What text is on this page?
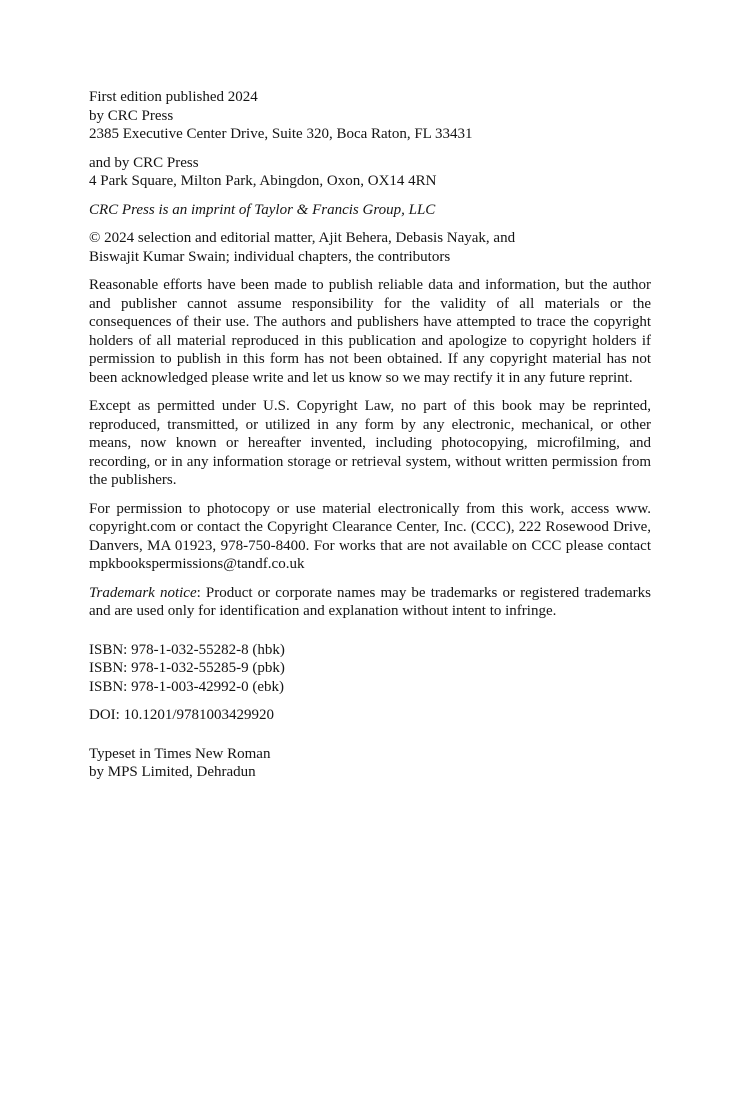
First edition published 2024
by CRC Press
2385 Executive Center Drive, Suite 320, Boca Raton, FL 33431

and by CRC Press
4 Park Square, Milton Park, Abingdon, Oxon, OX14 4RN

CRC Press is an imprint of Taylor & Francis Group, LLC

© 2024 selection and editorial matter, Ajit Behera, Debasis Nayak, and
Biswajit Kumar Swain; individual chapters, the contributors

Reasonable efforts have been made to publish reliable data and information, but the author and publisher cannot assume responsibility for the validity of all materials or the consequences of their use. The authors and publishers have attempted to trace the copyright holders of all material reproduced in this publication and apologize to copyright holders if permission to publish in this form has not been obtained. If any copyright material has not been acknowledged please write and let us know so we may rectify it in any future reprint.

Except as permitted under U.S. Copyright Law, no part of this book may be reprinted, reproduced, transmitted, or utilized in any form by any electronic, mechanical, or other means, now known or hereafter invented, including photocopying, microfilming, and recording, or in any information storage or retrieval system, without written permission from the publishers.

For permission to photocopy or use material electronically from this work, access www. copyright.com or contact the Copyright Clearance Center, Inc. (CCC), 222 Rosewood Drive, Danvers, MA 01923, 978-750-8400. For works that are not available on CCC please contact mpkbookspermissions@tandf.co.uk

Trademark notice: Product or corporate names may be trademarks or registered trademarks and are used only for identification and explanation without intent to infringe.

ISBN: 978-1-032-55282-8 (hbk)
ISBN: 978-1-032-55285-9 (pbk)
ISBN: 978-1-003-42992-0 (ebk)

DOI: 10.1201/9781003429920

Typeset in Times New Roman
by MPS Limited, Dehradun
